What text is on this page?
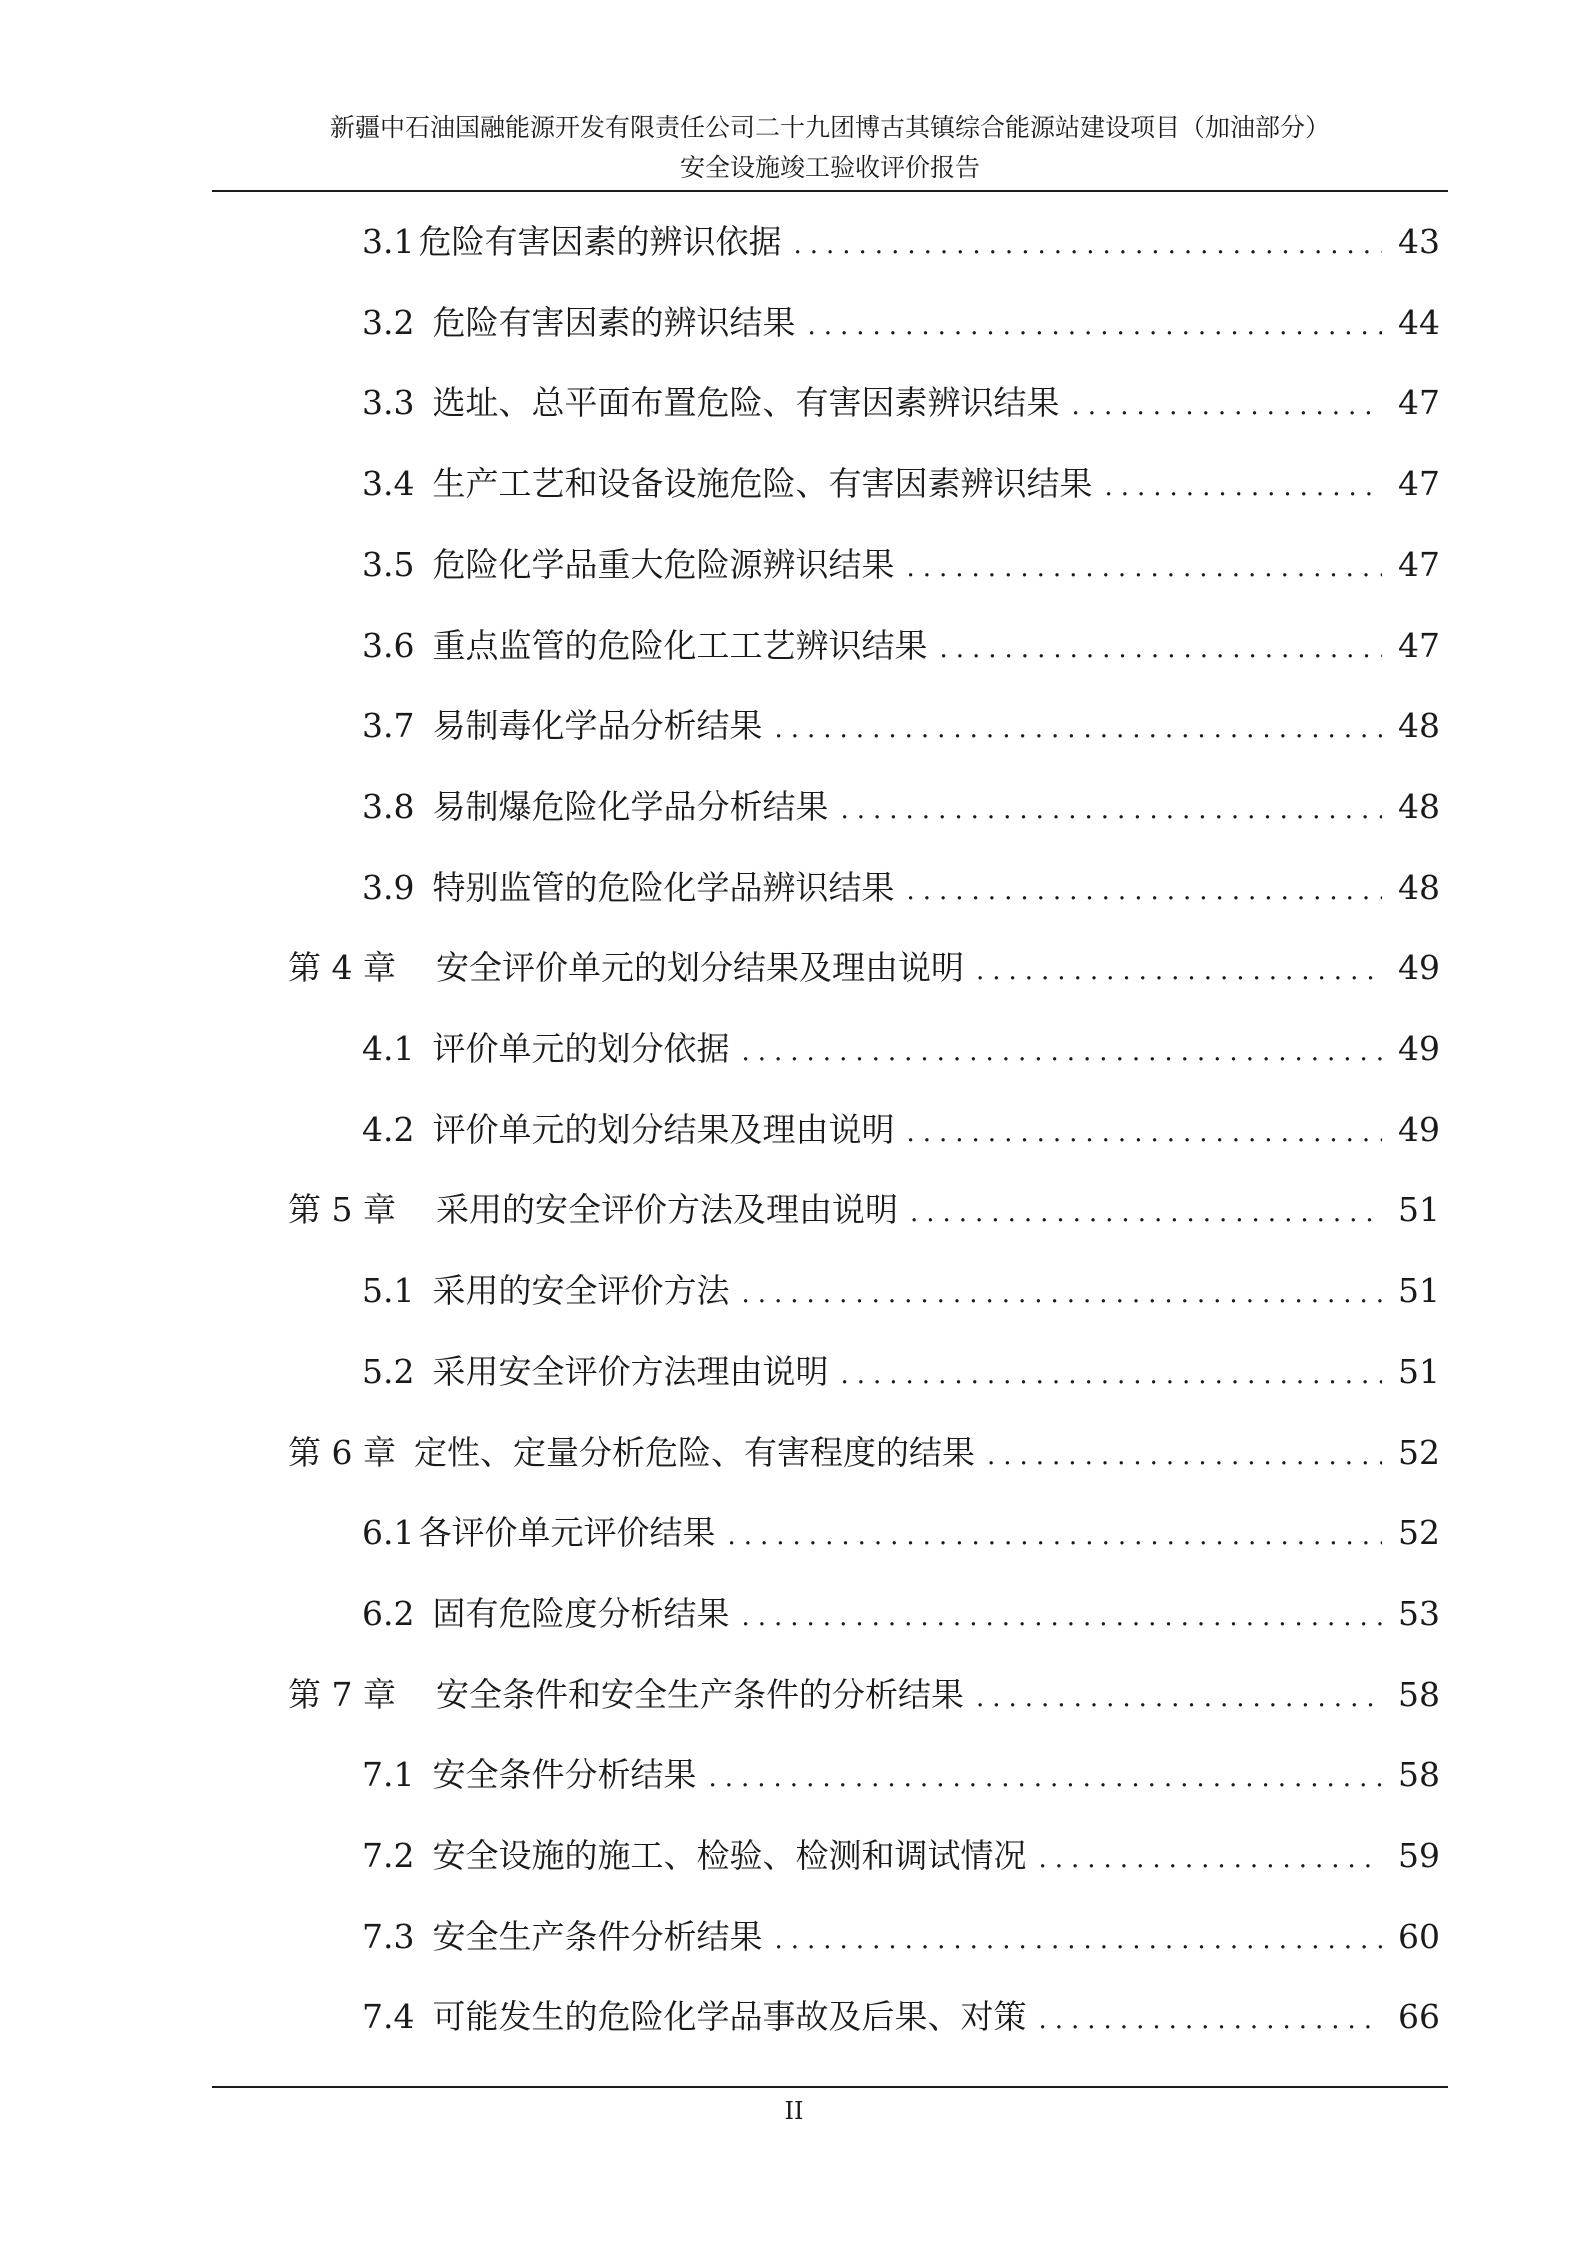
新疆中石油国融能源开发有限责任公司二十九团博古其镇综合能源站建设项目（加油部分）
安全设施竣工验收评价报告
3.1 危险有害因素的辨识依据 .....	43
3.2 危险有害因素的辨识结果 .....	44
3.3 选址、总平面布置危险、有害因素辨识结果 .....	47
3.4 生产工艺和设备设施危险、有害因素辨识结果 .....	47
3.5 危险化学品重大危险源辨识结果 .....	47
3.6 重点监管的危险化工工艺辨识结果 .....	47
3.7 易制毒化学品分析结果 .....	48
3.8 易制爆危险化学品分析结果 .....	48
3.9 特别监管的危险化学品辨识结果 .....	48
第 4 章 安全评价单元的划分结果及理由说明 .....	49
4.1 评价单元的划分依据 .....	49
4.2 评价单元的划分结果及理由说明 .....	49
第 5 章 采用的安全评价方法及理由说明 .....	51
5.1 采用的安全评价方法 .....	51
5.2 采用安全评价方法理由说明 .....	51
第 6 章 定性、定量分析危险、有害程度的结果 .....	52
6.1 各评价单元评价结果 .....	52
6.2 固有危险度分析结果 .....	53
第 7 章 安全条件和安全生产条件的分析结果 .....	58
7.1 安全条件分析结果 .....	58
7.2 安全设施的施工、检验、检测和调试情况 .....	59
7.3 安全生产条件分析结果 .....	60
7.4 可能发生的危险化学品事故及后果、对策 .....	66
II
